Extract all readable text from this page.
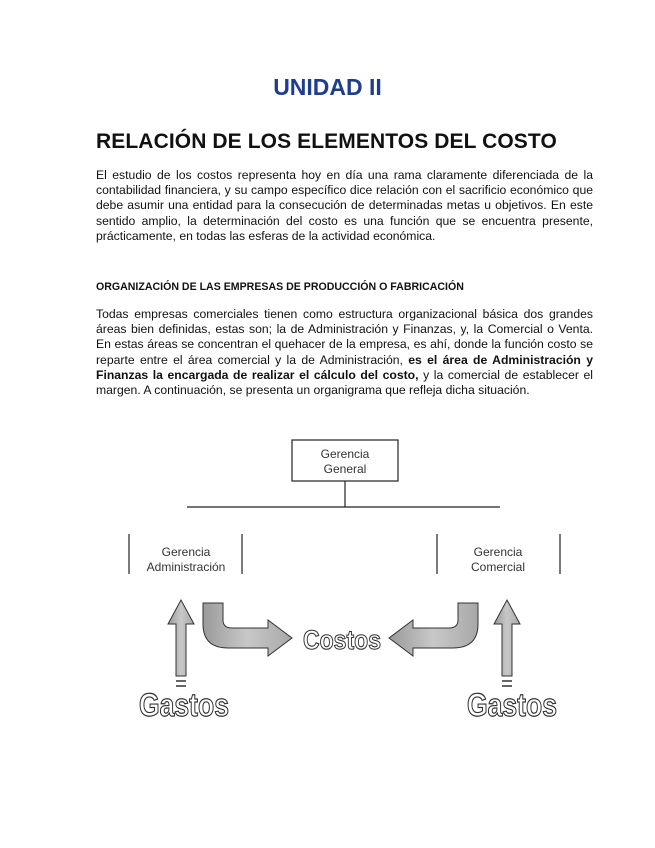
UNIDAD II
RELACIÓN DE LOS ELEMENTOS DEL COSTO

El estudio de los costos representa hoy en día una rama claramente diferenciada de la contabilidad financiera, y su campo específico dice relación con el sacrificio económico que debe asumir una entidad para la consecución de determinadas metas u objetivos. En este sentido amplio, la determinación del costo es una función que se encuentra presente, prácticamente, en todas las esferas de la actividad económica.

ORGANIZACIÓN DE LAS EMPRESAS DE PRODUCCIÓN O FABRICACIÓN

Todas empresas comerciales tienen como estructura organizacional básica dos grandes áreas bien definidas, estas son; la de Administración y Finanzas, y, la Comercial o Venta. En estas áreas se concentran el quehacer de la empresa, es ahí, donde la función costo se reparte entre el área comercial y la de Administración, es el área de Administración y Finanzas la encargada de realizar el cálculo del costo, y la comercial de establecer el margen. A continuación, se presenta un organigrama que refleja dicha situación.

Gerencia
General
Gerencia
Administración
Gerencia
Comercial
Costos
Gastos	Gastos
